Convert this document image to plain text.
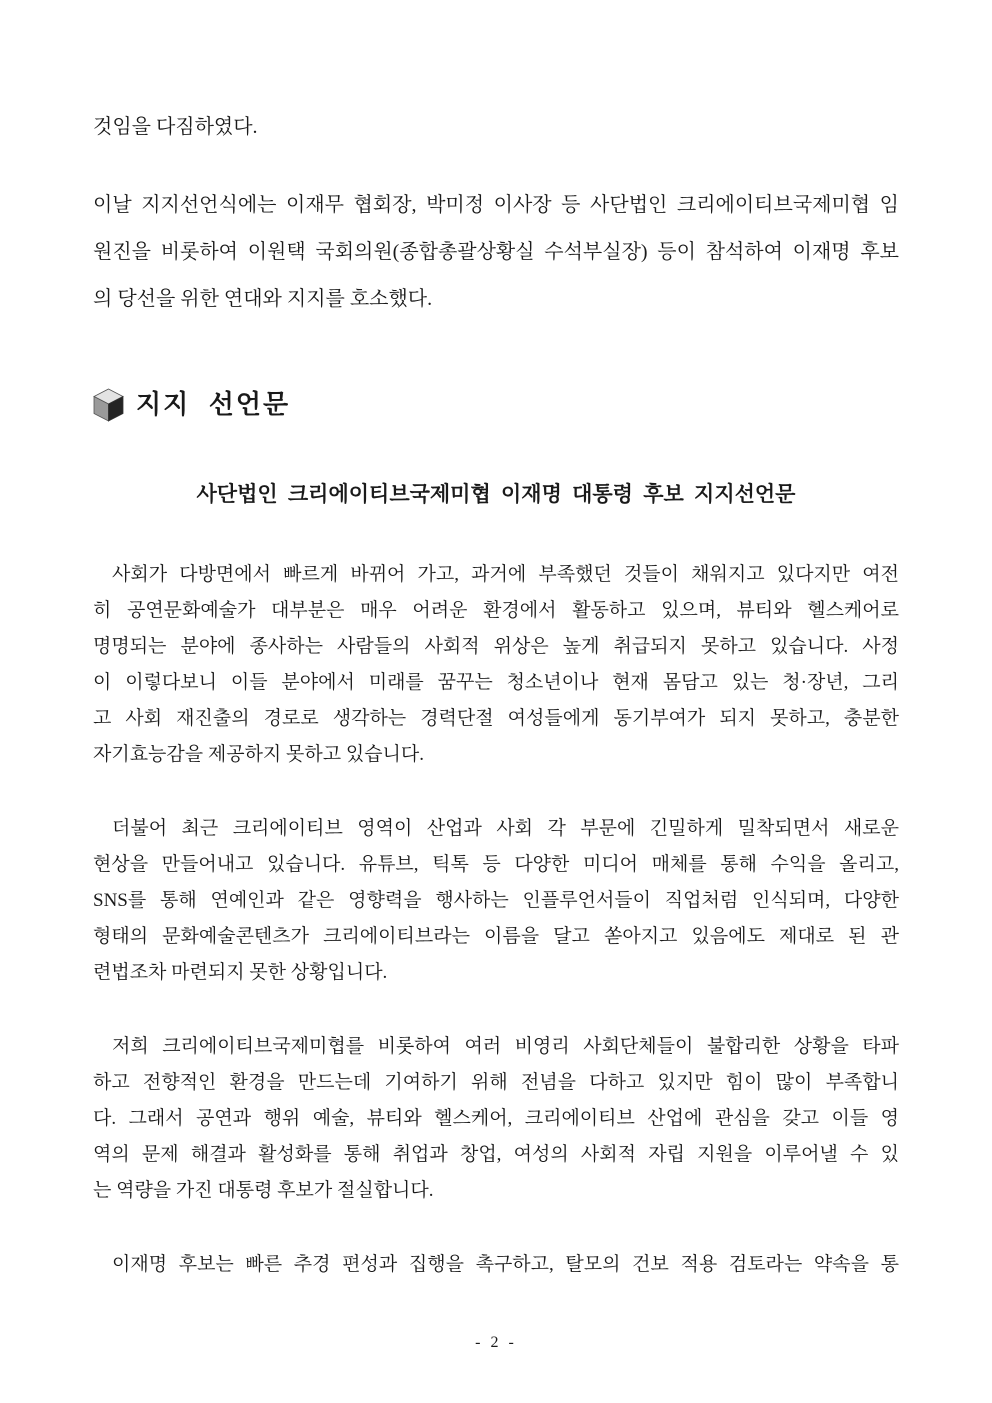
것임을 다짐하였다.
이날 지지선언식에는 이재무 협회장, 박미정 이사장 등 사단법인 크리에이티브국제미협 임
원진을 비롯하여 이원택 국회의원(종합총괄상황실 수석부실장) 등이 참석하여 이재명 후보
의 당선을 위한 연대와 지지를 호소했다.
지지 선언문
사단법인 크리에이티브국제미협 이재명 대통령 후보 지지선언문
사회가 다방면에서 빠르게 바뀌어 가고, 과거에 부족했던 것들이 채워지고 있다지만 여전
히 공연문화예술가 대부분은 매우 어려운 환경에서 활동하고 있으며, 뷰티와 헬스케어로
명명되는 분야에 종사하는 사람들의 사회적 위상은 높게 취급되지 못하고 있습니다. 사정
이 이렇다보니 이들 분야에서 미래를 꿈꾸는 청소년이나 현재 몸담고 있는 청·장년, 그리
고 사회 재진출의 경로로 생각하는 경력단절 여성들에게 동기부여가 되지 못하고, 충분한
자기효능감을 제공하지 못하고 있습니다.
더불어 최근 크리에이티브 영역이 산업과 사회 각 부문에 긴밀하게 밀착되면서 새로운
현상을 만들어내고 있습니다. 유튜브, 틱톡 등 다양한 미디어 매체를 통해 수익을 올리고,
SNS를 통해 연예인과 같은 영향력을 행사하는 인플루언서들이 직업처럼 인식되며, 다양한
형태의 문화예술콘텐츠가 크리에이티브라는 이름을 달고 쏟아지고 있음에도 제대로 된 관
련법조차 마련되지 못한 상황입니다.
저희 크리에이티브국제미협를 비롯하여 여러 비영리 사회단체들이 불합리한 상황을 타파
하고 전향적인 환경을 만드는데 기여하기 위해 전념을 다하고 있지만 힘이 많이 부족합니
다. 그래서 공연과 행위 예술, 뷰티와 헬스케어, 크리에이티브 산업에 관심을 갖고 이들 영
역의 문제 해결과 활성화를 통해 취업과 창업, 여성의 사회적 자립 지원을 이루어낼 수 있
는 역량을 가진 대통령 후보가 절실합니다.
이재명 후보는 빠른 추경 편성과 집행을 촉구하고, 탈모의 건보 적용 검토라는 약속을 통
- 2 -
